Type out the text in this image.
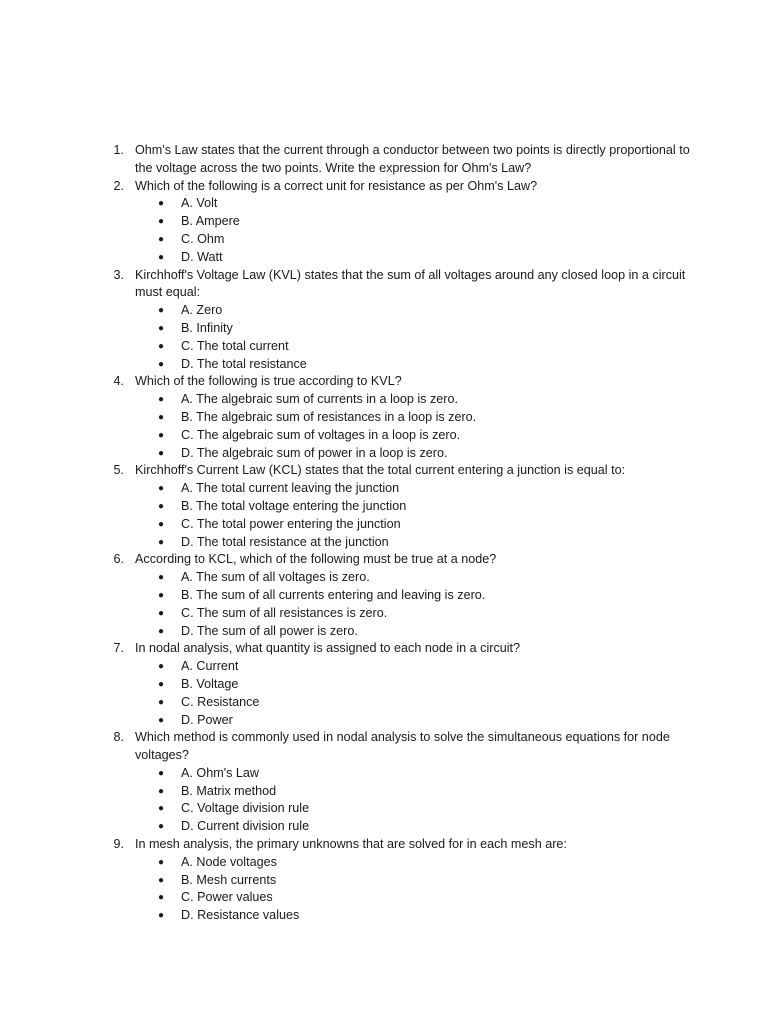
1. Ohm's Law states that the current through a conductor between two points is directly proportional to the voltage across the two points. Write the expression for Ohm's Law?
2. Which of the following is a correct unit for resistance as per Ohm's Law?
● A. Volt
● B. Ampere
● C. Ohm
● D. Watt
3. Kirchhoff's Voltage Law (KVL) states that the sum of all voltages around any closed loop in a circuit must equal:
● A. Zero
● B. Infinity
● C. The total current
● D. The total resistance
4. Which of the following is true according to KVL?
● A. The algebraic sum of currents in a loop is zero.
● B. The algebraic sum of resistances in a loop is zero.
● C. The algebraic sum of voltages in a loop is zero.
● D. The algebraic sum of power in a loop is zero.
5. Kirchhoff's Current Law (KCL) states that the total current entering a junction is equal to:
● A. The total current leaving the junction
● B. The total voltage entering the junction
● C. The total power entering the junction
● D. The total resistance at the junction
6. According to KCL, which of the following must be true at a node?
● A. The sum of all voltages is zero.
● B. The sum of all currents entering and leaving is zero.
● C. The sum of all resistances is zero.
● D. The sum of all power is zero.
7. In nodal analysis, what quantity is assigned to each node in a circuit?
● A. Current
● B. Voltage
● C. Resistance
● D. Power
8. Which method is commonly used in nodal analysis to solve the simultaneous equations for node voltages?
● A. Ohm's Law
● B. Matrix method
● C. Voltage division rule
● D. Current division rule
9. In mesh analysis, the primary unknowns that are solved for in each mesh are:
● A. Node voltages
● B. Mesh currents
● C. Power values
● D. Resistance values
